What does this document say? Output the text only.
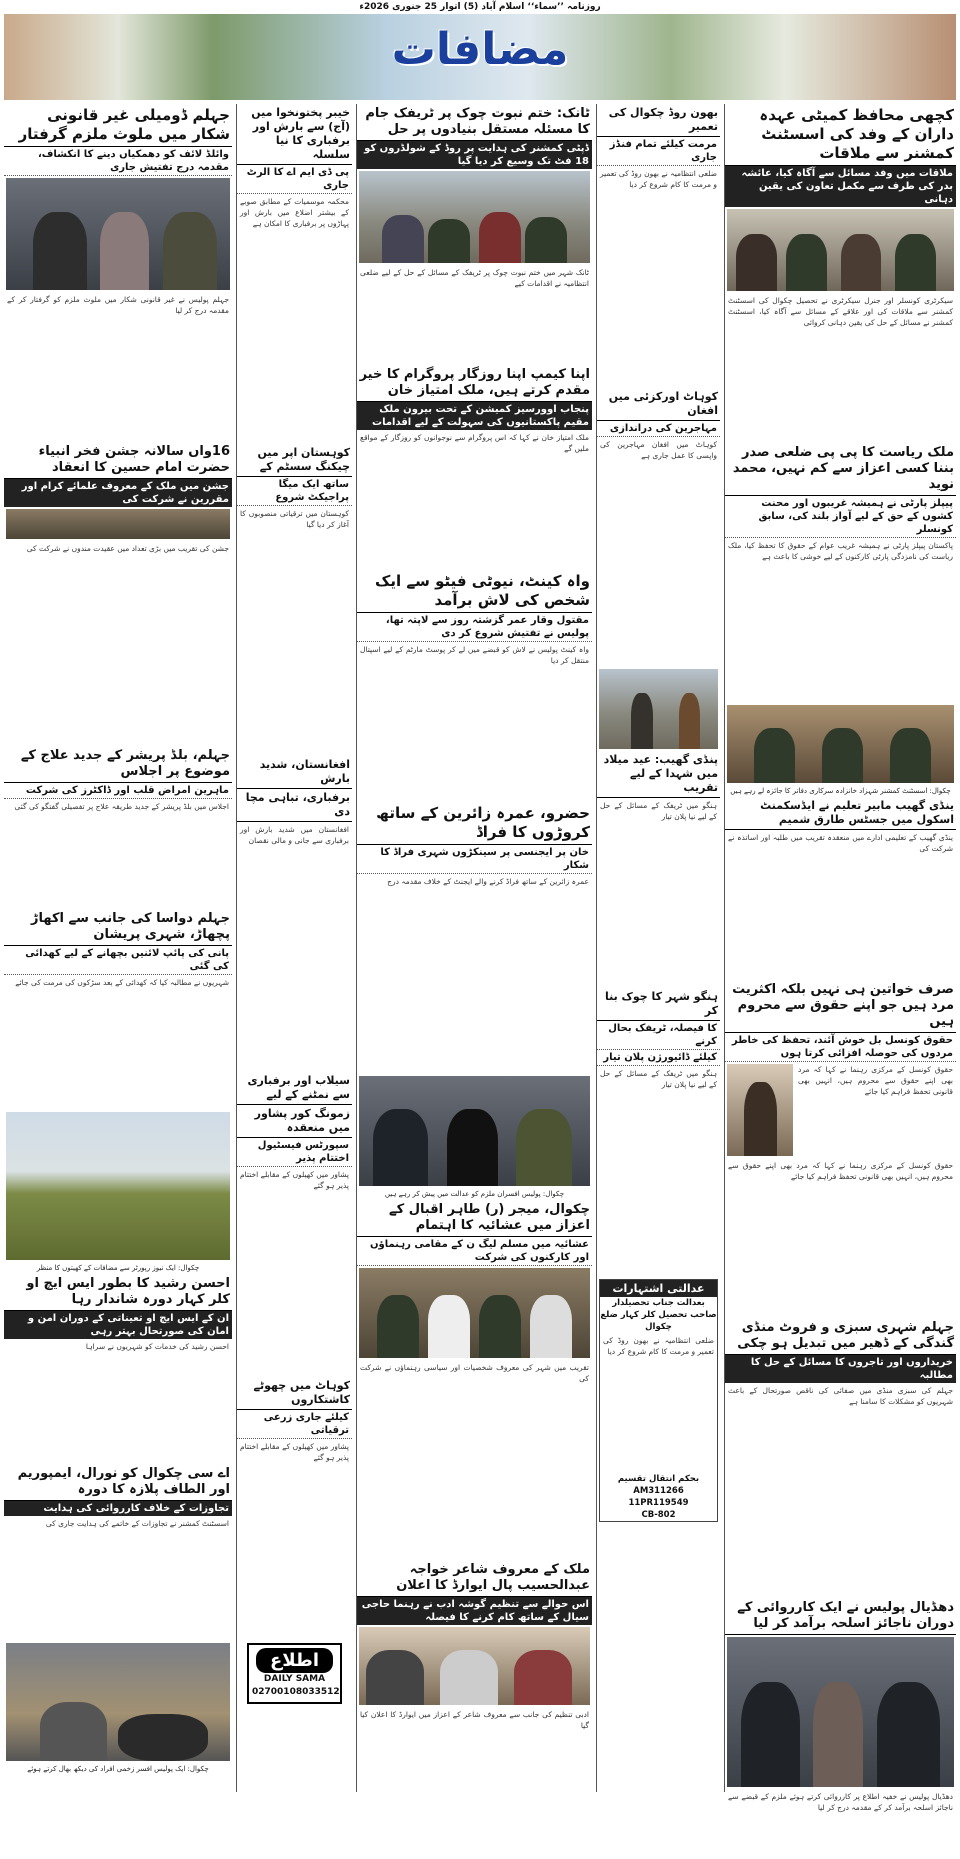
روزنامہ ’’سماء‘‘ اسلام آباد (5) اتوار 25 جنوری 2026ء
مضافات
کچھی محافظ کمیٹی عہدہ داران کے وفد کی اسسٹنٹ کمشنر سے ملاقات
ملاقات میں وفد مسائل سے آگاہ کیا، عائشہ بدر کی طرف سے مکمل تعاون کی یقین دہانی
سیکرٹری کونسلر اور جنرل سیکرٹری نے تحصیل چکوال کی اسسٹنٹ کمشنر سے ملاقات کی اور علاقے کے مسائل سے آگاہ کیا، اسسٹنٹ کمشنر نے مسائل کے حل کی یقین دہانی کروائی
ملک ریاست کا پی پی ضلعی صدر بننا کسی اعزاز سے کم نہیں، محمد نوید
پیپلز پارٹی نے ہمیشہ غریبوں اور محنت کشوں کے حق کے لیے آواز بلند کی، سابق کونسلر
پاکستان پیپلز پارٹی نے ہمیشہ غریب عوام کے حقوق کا تحفظ کیا، ملک ریاست کی نامزدگی پارٹی کارکنوں کے لیے خوشی کا باعث ہے
چکوال: اسسٹنٹ کمشنر شہزاد خانزادہ سرکاری دفاتر کا جائزہ لے رہے ہیں
ینڈی گھیب مابیر تعلیم نے ایڈسکمنٹ اسکول میں جسٹس طارق شمیم
ینڈی گھیب کے تعلیمی ادارے میں منعقدہ تقریب میں طلبہ اور اساتذہ نے شرکت کی
صرف خواتین ہی نہیں بلکہ اکثریت مرد ہیں جو اپنے حقوق سے محروم ہیں
حقوق کونسل بل خوش آئند، تحفظ کی خاطر مردوں کی حوصلہ افزائی کرتا ہوں
حقوق کونسل کے مرکزی رہنما نے کہا کہ مرد بھی اپنے حقوق سے محروم ہیں، انہیں بھی قانونی تحفظ فراہم کیا جائے
حقوق کونسل کے مرکزی رہنما نے کہا کہ مرد بھی اپنے حقوق سے محروم ہیں، انہیں بھی قانونی تحفظ فراہم کیا جائے
جہلم شہری سبزی و فروٹ منڈی گندگی کے ڈھیر میں تبدیل ہو چکی
خریداروں اور تاجروں کا مسائل کے حل کا مطالبہ
جہلم کی سبزی منڈی میں صفائی کی ناقص صورتحال کے باعث شہریوں کو مشکلات کا سامنا ہے
دھڈیال پولیس نے ایک کارروائی کے دوران ناجائز اسلحہ برآمد کر لیا
دھڈیال پولیس نے خفیہ اطلاع پر کارروائی کرتے ہوئے ملزم کے قبضے سے ناجائز اسلحہ برآمد کر کے مقدمہ درج کر لیا
بھون روڈ چکوال کی تعمیر
مرمت کیلئے تمام فنڈز جاری
ضلعی انتظامیہ نے بھون روڈ کی تعمیر و مرمت کا کام شروع کر دیا
کوہاٹ اورکزئی میں افغان
مہاجرین کی دراندازی
کوہاٹ میں افغان مہاجرین کی واپسی کا عمل جاری ہے
پنڈی گھیب: عید میلاد میں شہدا کے لیے تقریب
ہنگو میں ٹریفک کے مسائل کے حل کے لیے نیا پلان تیار
ہنگو شہر کا چوک بنا کر
کا فیصلہ، ٹریفک بحال کرنے
کیلئے ڈائیورژن پلان تیار
ہنگو میں ٹریفک کے مسائل کے حل کے لیے نیا پلان تیار
عدالتی اشتہارات
بعدالت جناب تحصیلدار صاحب تحصیل کلر کہار ضلع چکوال
ضلعی انتظامیہ نے بھون روڈ کی تعمیر و مرمت کا کام شروع کر دیا
بحکم انتقال تقسیم
AM311266
11PR119549
CB-802
ٹانک: ختم نبوت چوک پر ٹریفک جام کا مسئلہ مستقل بنیادوں پر حل
ڈپٹی کمشنر کی ہدایت پر روڈ کے شولڈروں کو 18 فٹ تک وسیع کر دیا گیا
ٹانک شہر میں ختم نبوت چوک پر ٹریفک کے مسائل کے حل کے لیے ضلعی انتظامیہ نے اقدامات کیے
اپنا کیمپ اپنا روزگار پروگرام کا خیر مقدم کرتے ہیں، ملک امتیاز خان
پنجاب اوورسیز کمیشن کے تحت بیرون ملک مقیم پاکستانیوں کی سہولت کے لیے اقدامات
ملک امتیاز خان نے کہا کہ اس پروگرام سے نوجوانوں کو روزگار کے مواقع ملیں گے
واہ کینٹ، نیوٹی فیٹو سے ایک شخص کی لاش برآمد
مقتول وقار عمر گزشتہ روز سے لاپتہ تھا، پولیس نے تفتیش شروع کر دی
واہ کینٹ پولیس نے لاش کو قبضے میں لے کر پوسٹ مارٹم کے لیے اسپتال منتقل کر دیا
حضرو، عمرہ زائرین کے ساتھ کروڑوں کا فراڈ
خان پر ایجنسی پر سینکڑوں شہری فراڈ کا شکار
عمرہ زائرین کے ساتھ فراڈ کرنے والے ایجنٹ کے خلاف مقدمہ درج
چکوال: پولیس افسران ملزم کو عدالت میں پیش کر رہے ہیں
چکوال، میجر (ر) طاہر اقبال کے اعزاز میں عشائیہ کا اہتمام
عشائیہ میں مسلم لیگ ن کے مقامی رہنماؤں اور کارکنوں کی شرکت
تقریب میں شہر کی معروف شخصیات اور سیاسی رہنماؤں نے شرکت کی
ملک کے معروف شاعر خواجہ عبدالحسیب پال ایوارڈ کا اعلان
اس حوالے سے تنظیم گوشہ ادب نے رہنما حاجی سیال کے ساتھ کام کرنے کا فیصلہ
ادبی تنظیم کی جانب سے معروف شاعر کے اعزاز میں ایوارڈ کا اعلان کیا گیا
خیبر پختونخوا میں (آج) سے بارش اور برفباری کا نیا سلسلہ
پی ڈی ایم اے کا الرٹ جاری
محکمہ موسمیات کے مطابق صوبے کے بیشتر اضلاع میں بارش اور پہاڑوں پر برفباری کا امکان ہے
کوہستان اپر میں چیکنگ سسٹم کے
ساتھ ایک میگا پراجیکٹ شروع
کوہستان میں ترقیاتی منصوبوں کا آغاز کر دیا گیا
افغانستان، شدید بارش
برفباری، تباہی مچا دی
افغانستان میں شدید بارش اور برفباری سے جانی و مالی نقصان
سیلاب اور برفباری سے نمٹنے کے لیے
زمونگ کور پشاور میں منعقدہ
سپورٹس فیسٹیول اختتام پذیر
پشاور میں کھیلوں کے مقابلے اختتام پذیر ہو گئے
کوہاٹ میں چھوٹے کاشتکاروں
کیلئے جاری زرعی ترقیاتی
پشاور میں کھیلوں کے مقابلے اختتام پذیر ہو گئے
اطلاع
DAILY SAMA
02700108033512
جہلم ڈومیلی غیر قانونی شکار میں ملوث ملزم گرفتار
وائلڈ لائف کو دھمکیاں دینے کا انکشاف، مقدمہ درج تفتیش جاری
جہلم پولیس نے غیر قانونی شکار میں ملوث ملزم کو گرفتار کر کے مقدمہ درج کر لیا
16واں سالانہ جشن فخر انبیاء حضرت امام حسین کا انعقاد
جشن میں ملک کے معروف علمائے کرام اور مقررین نے شرکت کی
جشن کی تقریب میں بڑی تعداد میں عقیدت مندوں نے شرکت کی
جہلم، بلڈ پریشر کے جدید علاج کے موضوع پر اجلاس
ماہرین امراض قلب اور ڈاکٹرز کی شرکت
اجلاس میں بلڈ پریشر کے جدید طریقہ علاج پر تفصیلی گفتگو کی گئی
جہلم دواسا کی جانب سے اکھاڑ پچھاڑ، شہری پریشان
پانی کی پائپ لائنیں بچھانے کے لیے کھدائی کی گئی
شہریوں نے مطالبہ کیا کہ کھدائی کے بعد سڑکوں کی مرمت کی جائے
چکوال: ایک نیوز رپورٹر سے مضافات کے کھیتوں کا منظر
احسن رشید کا بطور ایس ایچ او کلر کہار دورہ شاندار رہا
ان کے ایس ایچ او تعیناتی کے دوران امن و امان کی صورتحال بہتر رہی
احسن رشید کی خدمات کو شہریوں نے سراہا
اے سی چکوال کو نورال، ایمپوریم اور الطاف پلازہ کا دورہ
تجاوزات کے خلاف کارروائی کی ہدایت
اسسٹنٹ کمشنر نے تجاوزات کے خاتمے کی ہدایت جاری کی
چکوال: ایک پولیس افسر زخمی افراد کی دیکھ بھال کرتے ہوئے
